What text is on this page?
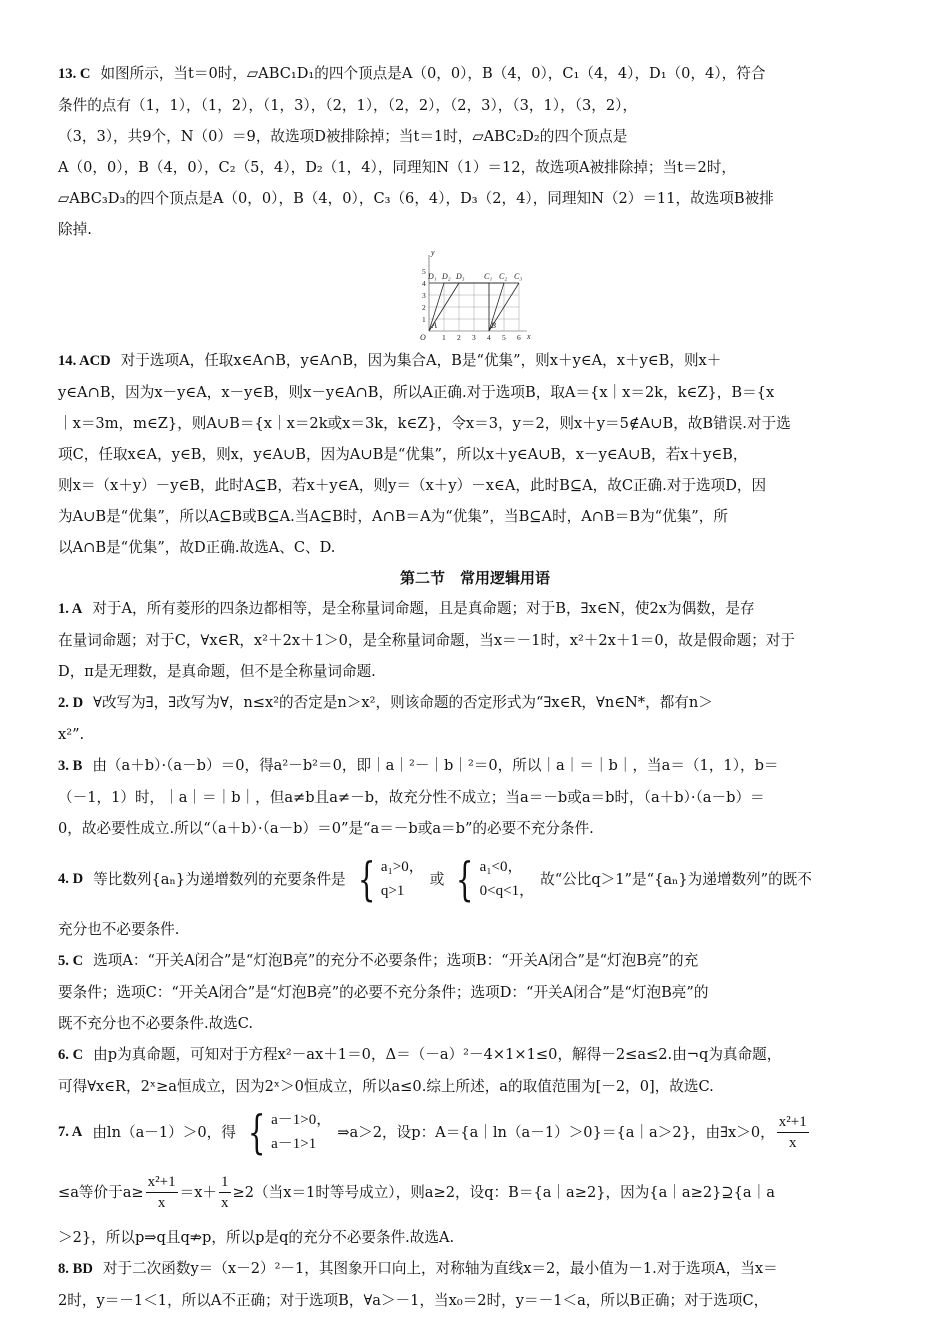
13. C 如图所示，当t＝0时，▱ABC₁D₁的四个顶点是A（0，0），B（4，0），C₁（4，4），D₁（0，4），符合
条件的点有（1，1），（1，2），（1，3），（2，1），（2，2），（2，3），（3，1），（3，2），
（3，3），共9个，N（0）＝9，故选项D被排除掉；当t＝1时，▱ABC₂D₂的四个顶点是
A（0，0），B（4，0），C₂（5，4），D₂（1，4），同理知N（1）＝12，故选项A被排除掉；当t＝2时，
▱ABC₃D₃的四个顶点是A（0，0），B（4，0），C₃（6，4），D₃（2，4），同理知N（2）＝11，故选项B被排
除掉.
y
x
O
A	B
D₁ D₂ D₃ C₁ C₂ C₃
1 2 3 4 5 6
1
2
3
4
5
14. ACD 对于选项A，任取x∈A∩B，y∈A∩B，因为集合A，B是“优集”，则x＋y∈A，x＋y∈B，则x＋
y∈A∩B，因为x－y∈A，x－y∈B，则x－y∈A∩B，所以A正确.对于选项B，取A＝{x｜x＝2k，k∈Z}，B＝{x
｜x＝3m，m∈Z}，则A∪B＝{x｜x＝2k或x＝3k，k∈Z}，令x＝3，y＝2，则x＋y＝5∉A∪B，故B错误.对于选
项C，任取x∈A，y∈B，则x，y∈A∪B，因为A∪B是“优集”，所以x＋y∈A∪B，x－y∈A∪B，若x＋y∈B，
则x＝（x＋y）－y∈B，此时A⊆B，若x＋y∈A，则y＝（x＋y）－x∈A，此时B⊆A，故C正确.对于选项D，因
为A∪B是“优集”，所以A⊆B或B⊆A.当A⊆B时，A∩B＝A为“优集”，当B⊆A时，A∩B＝B为“优集”，所
以A∩B是“优集”，故D正确.故选A、C、D.

第二节　常用逻辑用语

1. A 对于A，所有菱形的四条边都相等，是全称量词命题，且是真命题；对于B，∃x∈N，使2x为偶数，是存
在量词命题；对于C，∀x∈R，x²＋2x＋1＞0，是全称量词命题，当x＝－1时，x²＋2x＋1＝0，故是假命题；对于
D，π是无理数，是真命题，但不是全称量词命题.
2. D ∀改写为∃，∃改写为∀，n≤x²的否定是n＞x²，则该命题的否定形式为“∃x∈R，∀n∈N*，都有n＞
x²”.
3. B 由（a＋b）·（a－b）＝0，得a²－b²＝0，即｜a｜²－｜b｜²＝0，所以｜a｜＝｜b｜，当a＝（1，1），b＝
（－1，1）时，｜a｜＝｜b｜，但a≠b且a≠－b，故充分性不成立；当a＝－b或a＝b时，（a＋b）·（a－b）＝
0，故必要性成立.所以“（a＋b）·（a－b）＝0”是“a＝－b或a＝b”的必要不充分条件.
4. D 等比数列{aₙ}为递增数列的充要条件是 { a₁>0，
q>1
或 { a₁<0，
0<q<1，
故“公比q＞1”是“{aₙ}为递增数列”的既不
充分也不必要条件.
5. C 选项A：“开关A闭合”是“灯泡B亮”的充分不必要条件；选项B：“开关A闭合”是“灯泡B亮”的充
要条件；选项C：“开关A闭合”是“灯泡B亮”的必要不充分条件；选项D：“开关A闭合”是“灯泡B亮”的
既不充分也不必要条件.故选C.
6. C 由p为真命题，可知对于方程x²－ax＋1＝0，Δ＝（－a）²－4×1×1≤0，解得－2≤a≤2.由¬q为真命题，
可得∀x∈R，2ˣ≥a恒成立，因为2ˣ＞0恒成立，所以a≤0.综上所述，a的取值范围为[－2，0]，故选C.
7. A 由ln（a－1）＞0，得 { a－1>0，
a－1>1
⇒a＞2，设p：A＝{a｜ln（a－1）＞0}＝{a｜a＞2}，由∃x＞0， $\frac{\text{x²+1}}{x}$
≤a等价于$a\ge \frac{\text{x²+1}}{x} =x+ \frac{1}{x} \ge 2$（当x＝1时等号成立），则a≥2，设q：B＝{a｜a≥2}，因为{a｜a≥2}⊇{a｜a
＞2}，所以p⇒q且q⇏p，所以p是q的充分不必要条件.故选A.
8. BD 对于二次函数y＝（x－2）²－1，其图象开口向上，对称轴为直线x＝2，最小值为－1.对于选项A，当x＝
2时，y＝－1＜1，所以A不正确；对于选项B，∀a＞－1，当x₀＝2时，y＝－1＜a，所以B正确；对于选项C，
